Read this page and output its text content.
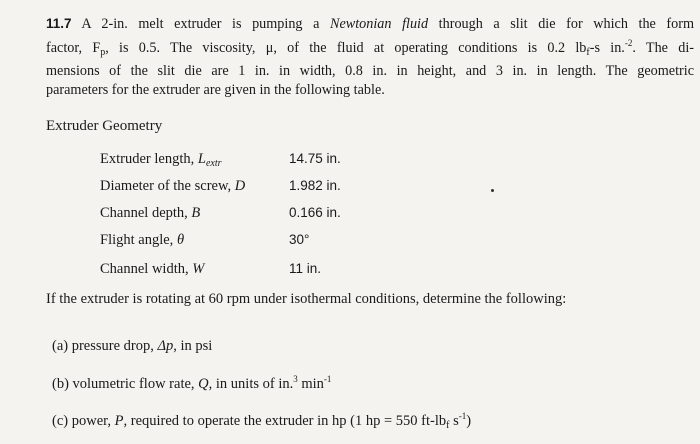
11.7 A 2-in. melt extruder is pumping a Newtonian fluid through a slit die for which the form
factor, $F_p$, is 0.5. The viscosity, μ, of the fluid at operating conditions is 0.2 $lb_f-s$ in.$^{-2}$. The di-
mensions of the slit die are 1 in. in width, 0.8 in. in height, and 3 in. in length. The geometric
parameters for the extruder are given in the following table.
Extruder Geometry
Extruder length, $L_{extr}$	14.75 in.
Diameter of the screw, D	1.982 in.
Channel depth, B	0.166 in.
Flight angle, θ	30°
Channel width, W	11 in.
If the extruder is rotating at 60 rpm under isothermal conditions, determine the following:
(a) pressure drop, Δp, in psi
(b) volumetric flow rate, Q, in units of in.$^3$ $\min^{-1}$
(c) power, P, required to operate the extruder in hp (1 hp = 550 $ft-lb_f$ $s^{-1}$)
